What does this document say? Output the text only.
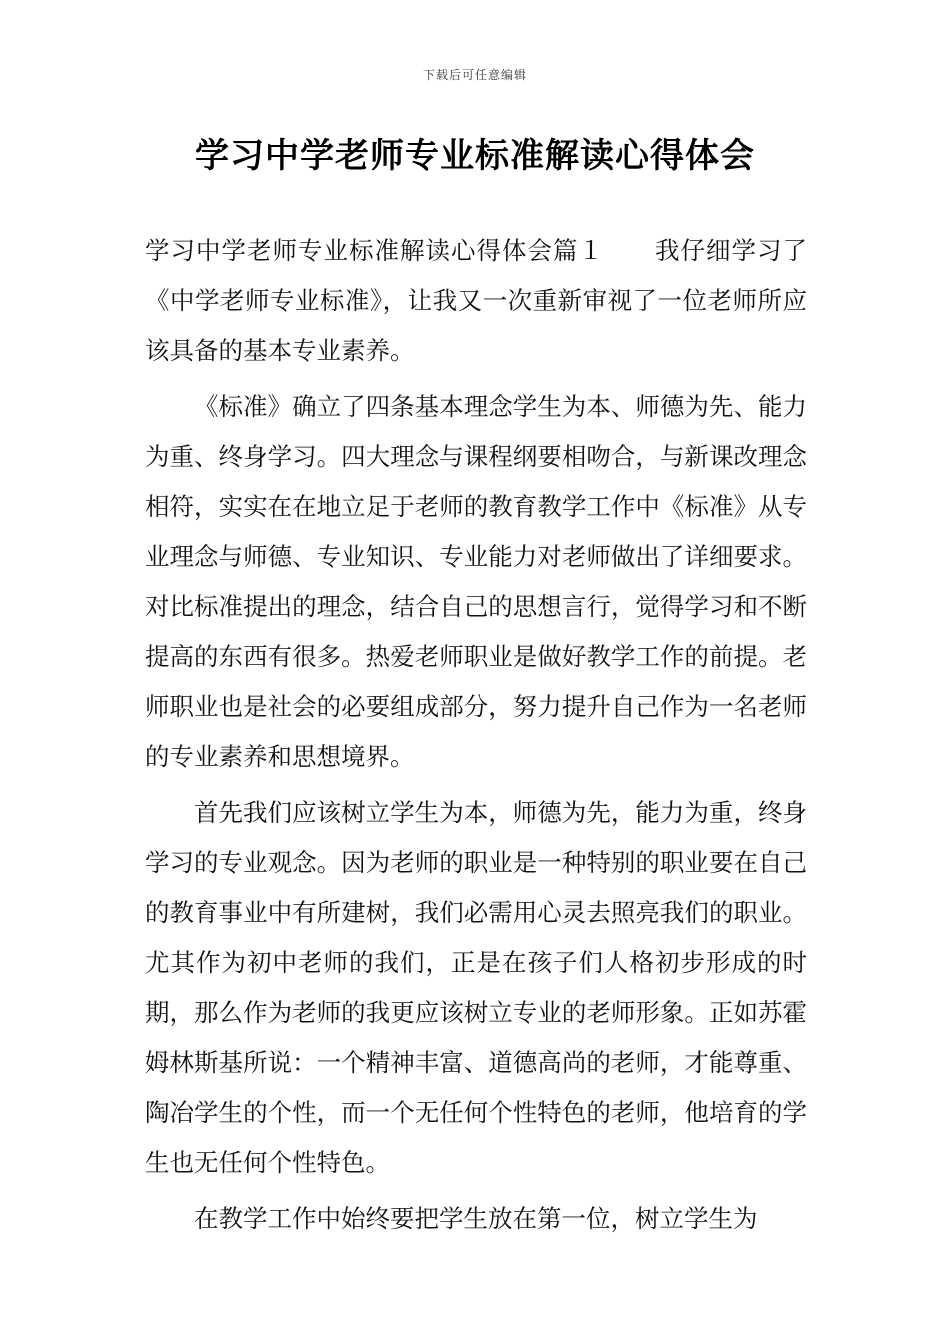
下载后可任意编辑
学习中学老师专业标准解读心得体会

学习中学老师专业标准解读心得体会篇１　　我仔细学习了《中学老师专业标准》，让我又一次重新审视了一位老师所应该具备的基本专业素养。

《标准》确立了四条基本理念学生为本、师德为先、能力为重、终身学习。四大理念与课程纲要相吻合，与新课改理念相符，实实在在地立足于老师的教育教学工作中《标准》从专业理念与师德、专业知识、专业能力对老师做出了详细要求。对比标准提出的理念，结合自己的思想言行，觉得学习和不断提高的东西有很多。热爱老师职业是做好教学工作的前提。老师职业也是社会的必要组成部分，努力提升自己作为一名老师的专业素养和思想境界。

首先我们应该树立学生为本，师德为先，能力为重，终身学习的专业观念。因为老师的职业是一种特别的职业要在自己的教育事业中有所建树，我们必需用心灵去照亮我们的职业。尤其作为初中老师的我们，正是在孩子们人格初步形成的时期，那么作为老师的我更应该树立专业的老师形象。正如苏霍姆林斯基所说：一个精神丰富、道德高尚的老师，才能尊重、陶冶学生的个性，而一个无任何个性特色的老师，他培育的学生也无任何个性特色。

在教学工作中始终要把学生放在第一位，树立学生为
